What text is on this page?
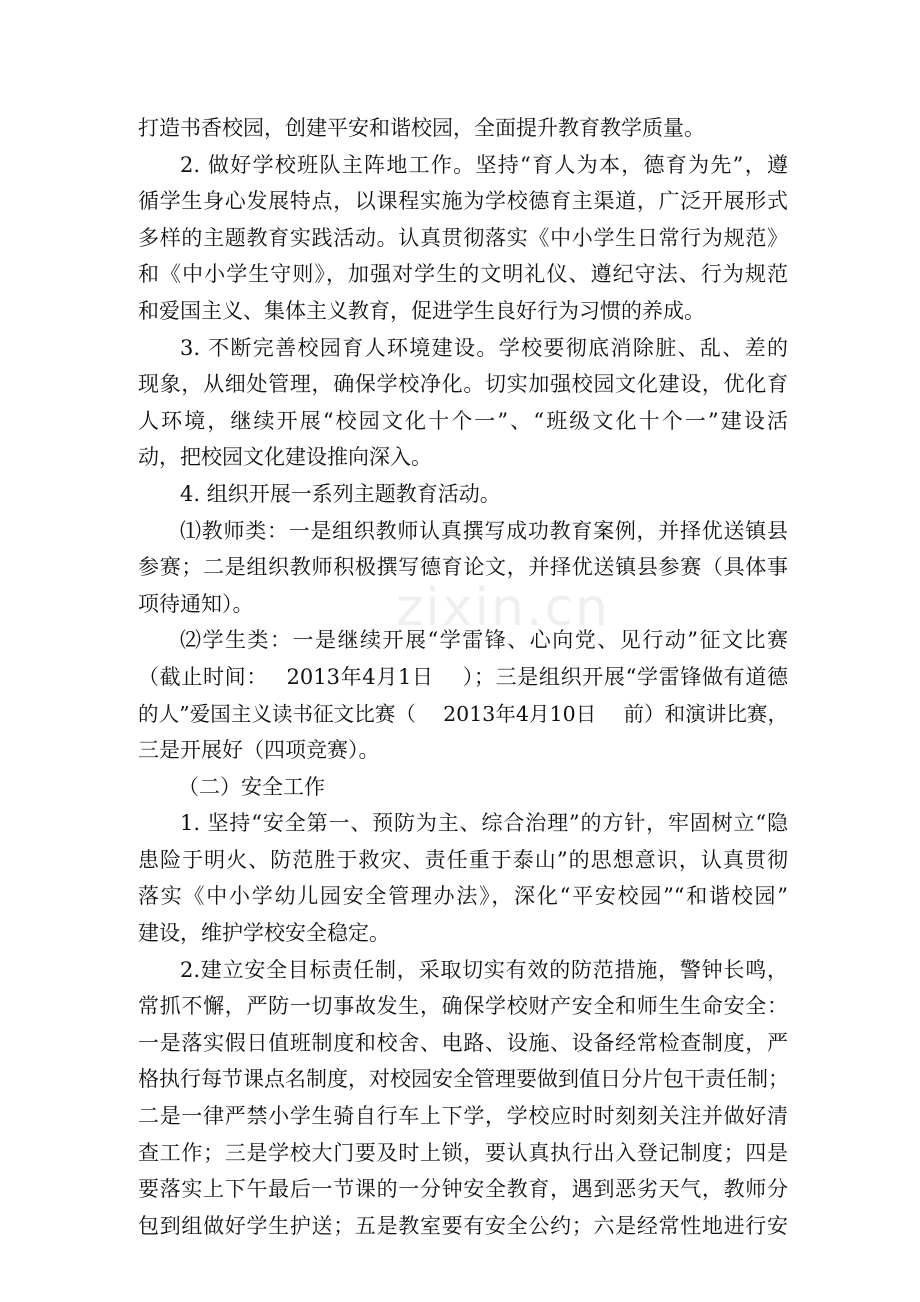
打造书香校园，创建平安和谐校园，全面提升教育教学质量。
2. 做好学校班队主阵地工作。坚持“育人为本，德育为先”，遵
循学生身心发展特点，以课程实施为学校德育主渠道，广泛开展形式
多样的主题教育实践活动。认真贯彻落实《中小学生日常行为规范》
和《中小学生守则》，加强对学生的文明礼仪、遵纪守法、行为规范
和爱国主义、集体主义教育，促进学生良好行为习惯的养成。
3. 不断完善校园育人环境建设。学校要彻底消除脏、乱、差的
现象，从细处管理，确保学校净化。切实加强校园文化建设，优化育
人环境，继续开展“校园文化十个一”、“班级文化十个一”建设活
动，把校园文化建设推向深入。
4. 组织开展一系列主题教育活动。
⑴教师类：一是组织教师认真撰写成功教育案例，并择优送镇县
参赛；二是组织教师积极撰写德育论文，并择优送镇县参赛（具体事
项待通知）。
⑵学生类：一是继续开展“学雷锋、心向党、见行动”征文比赛
（截止时间：　 2013年4月1日　 ）；三是组织开展“学雷锋做有道德
的人”爱国主义读书征文比赛（　 2013年4月10日　 前）和演讲比赛，
三是开展好（四项竞赛）。
（二）安全工作
1. 坚持“安全第一、预防为主、综合治理”的方针，牢固树立“隐
患险于明火、防范胜于救灾、责任重于泰山”的思想意识，认真贯彻
落实《中小学幼儿园安全管理办法》，深化“平安校园”“和谐校园”
建设，维护学校安全稳定。
2.建立安全目标责任制，采取切实有效的防范措施，警钟长鸣，
常抓不懈，严防一切事故发生，确保学校财产安全和师生生命安全：
一是落实假日值班制度和校舍、电路、设施、设备经常检查制度，严
格执行每节课点名制度，对校园安全管理要做到值日分片包干责任制；
二是一律严禁小学生骑自行车上下学，学校应时时刻刻关注并做好清
查工作；三是学校大门要及时上锁，要认真执行出入登记制度；四是
要落实上下午最后一节课的一分钟安全教育，遇到恶劣天气，教师分
包到组做好学生护送；五是教室要有安全公约；六是经常性地进行安
zixin.cn
